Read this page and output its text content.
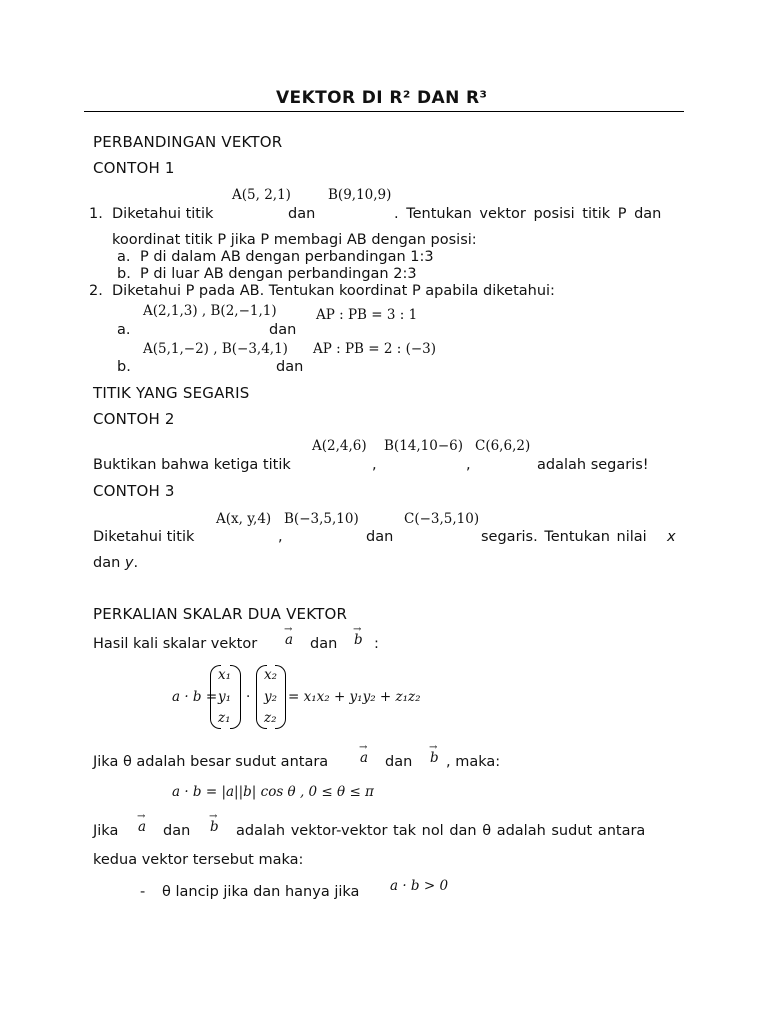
VEKTOR DI R² DAN R³
PERBANDINGAN VEKTOR
CONTOH 1
A(5, 2,1)	B(9,10,9)
1. Diketahui titik	dan	. Tentukan vektor posisi titik P dan
koordinat titik P jika P membagi AB dengan posisi:
a. P di dalam AB dengan perbandingan 1:3
b. P di luar AB dengan perbandingan 2:3
2. Diketahui P pada AB. Tentukan koordinat P apabila diketahui:
A(2,1,3) , B(2,−1,1)	AP : PB = 3 : 1
a.	dan
A(5,1,−2) , B(−3,4,1) AP : PB = 2 : (−3)
b.	dan
TITIK YANG SEGARIS
CONTOH 2
A(2,4,6) B(14,10−6) C(6,6,2)
Buktikan bahwa ketiga titik	,	,	adalah segaris!
CONTOH 3
A(x, y,4) B(−3,5,10)	C(−3,5,10)
Diketahui titik	,	dan	segaris. Tentukan nilai x
dan y.
PERKALIAN SKALAR DUA VEKTOR
Hasil kali skalar vektor
→
a dan
→
b :
a · b =
x₁
y₁
z₁
·
x₂
y₂
z₂
= x₁x₂ + y₁y₂ + z₁z₂
Jika θ adalah besar sudut antara
→
a dan
→
b , maka:
a · b = |a||b| cos θ , 0 ≤ θ ≤ π
Jika
→
a dan
→
b adalah vektor-vektor tak nol dan θ adalah sudut antara
kedua vektor tersebut maka:
- θ lancip jika dan hanya jika a · b > 0
